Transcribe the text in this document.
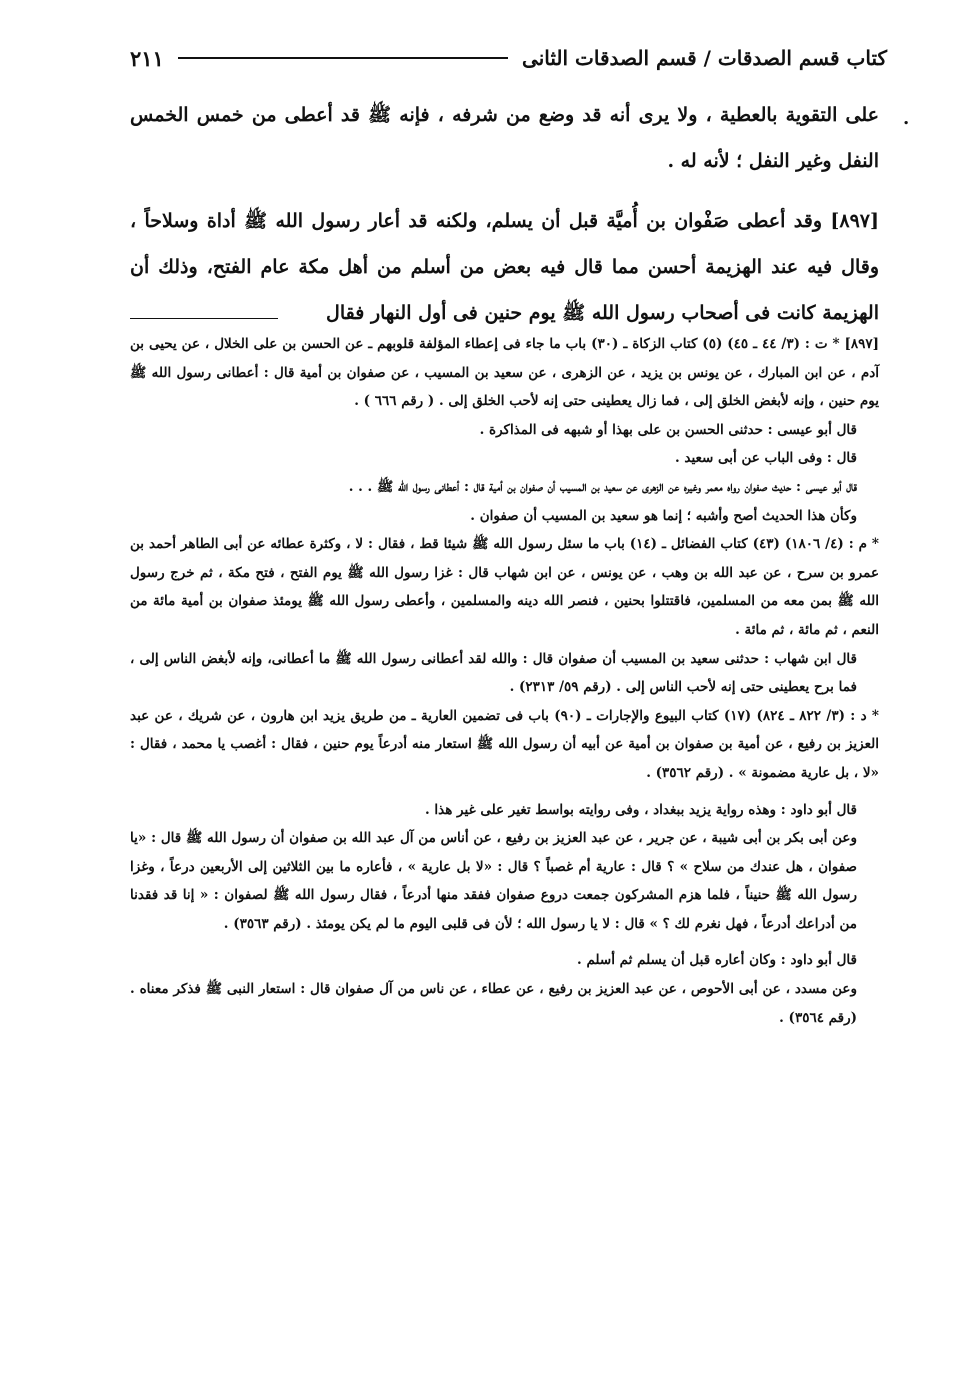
.
كتاب قسم الصدقات / قسم الصدقات الثانى
٢١١

على التقوية بالعطية ، ولا يرى أنه قد وضع من شرفه ، فإنه ﷺ قد أعطى من خمس الخمس النفل وغير النفل ؛ لأنه له .

[٨٩٧] وقد أعطى صَفْوان بن أُميَّة قبل أن يسلم، ولكنه قد أعار رسول الله ﷺ أداة وسلاحاً ، وقال فيه عند الهزيمة أحسن مما قال فيه بعض من أسلم من أهل مكة عام الفتح، وذلك أن الهزيمة كانت فى أصحاب رسول الله ﷺ يوم حنين فى أول النهار فقال

[٨٩٧] * ت : (٣/ ٤٤ ـ ٤٥) (٥) كتاب الزكاة ـ (٣٠) باب ما جاء فى إعطاء المؤلفة قلوبهم ـ عن الحسن بن على الخلال ، عن يحيى بن آدم ، عن ابن المبارك ، عن يونس بن يزيد ، عن الزهرى ، عن سعيد بن المسيب ، عن صفوان بن أمية قال : أعطانى رسول الله ﷺ يوم حنين ، وإنه لأبغض الخلق إلى ، فما زال يعطينى حتى إنه لأحب الخلق إلى . ( رقم ٦٦٦ ) .

قال أبو عيسى : حدثنى الحسن بن على بهذا أو شبهه فى المذاكرة .

قال : وفى الباب عن أبى سعيد .

قال أبو عيسى : حديث صفوان رواه معمر وغيره عن الزهرى عن سعيد بن المسيب أن صفوان بن أمية قال : أعطانى رسول الله ﷺ . . .

وكأن هذا الحديث أصح وأشبه ؛ إنما هو سعيد بن المسيب أن صفوان .

* م : (٤/ ١٨٠٦) (٤٣) كتاب الفضائل ـ (١٤) باب ما سئل رسول الله ﷺ شيئا قط ، فقال : لا ، وكثرة عطائه عن أبى الطاهر أحمد بن عمرو بن سرح ، عن عبد الله بن وهب ، عن يونس ، عن ابن شهاب قال : غزا رسول الله ﷺ يوم الفتح ، فتح مكة ، ثم خرج رسول الله ﷺ بمن معه من المسلمين، فاقتتلوا بحنين ، فنصر الله دينه والمسلمين ، وأعطى رسول الله ﷺ يومئذ صفوان بن أمية مائة من النعم ، ثم مائة ، ثم مائة .

قال ابن شهاب : حدثنى سعيد بن المسيب أن صفوان قال : والله لقد أعطانى رسول الله ﷺ ما أعطانى، وإنه لأبغض الناس إلى ، فما برح يعطينى حتى إنه لأحب الناس إلى . (رقم ٥٩/ ٢٣١٣) .

* د : (٣/ ٨٢٢ ـ ٨٢٤) (١٧) كتاب البيوع والإجارات ـ (٩٠) باب فى تضمين العارية ـ من طريق يزيد ابن هارون ، عن شريك ، عن عبد العزيز بن رفيع ، عن أمية بن صفوان بن أمية عن أبيه أن رسول الله ﷺ استعار منه أدرعاً يوم حنين ، فقال : أغصب يا محمد ، فقال : «لا ، بل عارية مضمونة » . (رقم ٣٥٦٢) .

قال أبو داود : وهذه رواية يزيد ببغداد ، وفى روايته بواسط تغير على غير هذا .

وعن أبى بكر بن أبى شيبة ، عن جرير ، عن عبد العزيز بن رفيع ، عن أناس من آل عبد الله بن صفوان أن رسول الله ﷺ قال : «يا صفوان ، هل عندك من سلاح » ؟ قال : عارية أم غصباً ؟ قال : «لا بل عارية » ، فأعاره ما بين الثلاثين إلى الأربعين درعاً ، وغزا رسول الله ﷺ حنيناً ، فلما هزم المشركون جمعت دروع صفوان ففقد منها أدرعاً ، فقال رسول الله ﷺ لصفوان : « إنا قد فقدنا من أدراعك أدرعاً ، فهل نغرم لك ؟ » قال : لا يا رسول الله ؛ لأن فى قلبى اليوم ما لم يكن يومئذ . (رقم ٣٥٦٣) .

قال أبو داود : وكان أعاره قبل أن يسلم ثم أسلم .

وعن مسدد ، عن أبى الأحوص ، عن عبد العزيز بن رفيع ، عن عطاء ، عن ناس من آل صفوان قال : استعار النبى ﷺ فذكر معناه . (رقم ٣٥٦٤) .
